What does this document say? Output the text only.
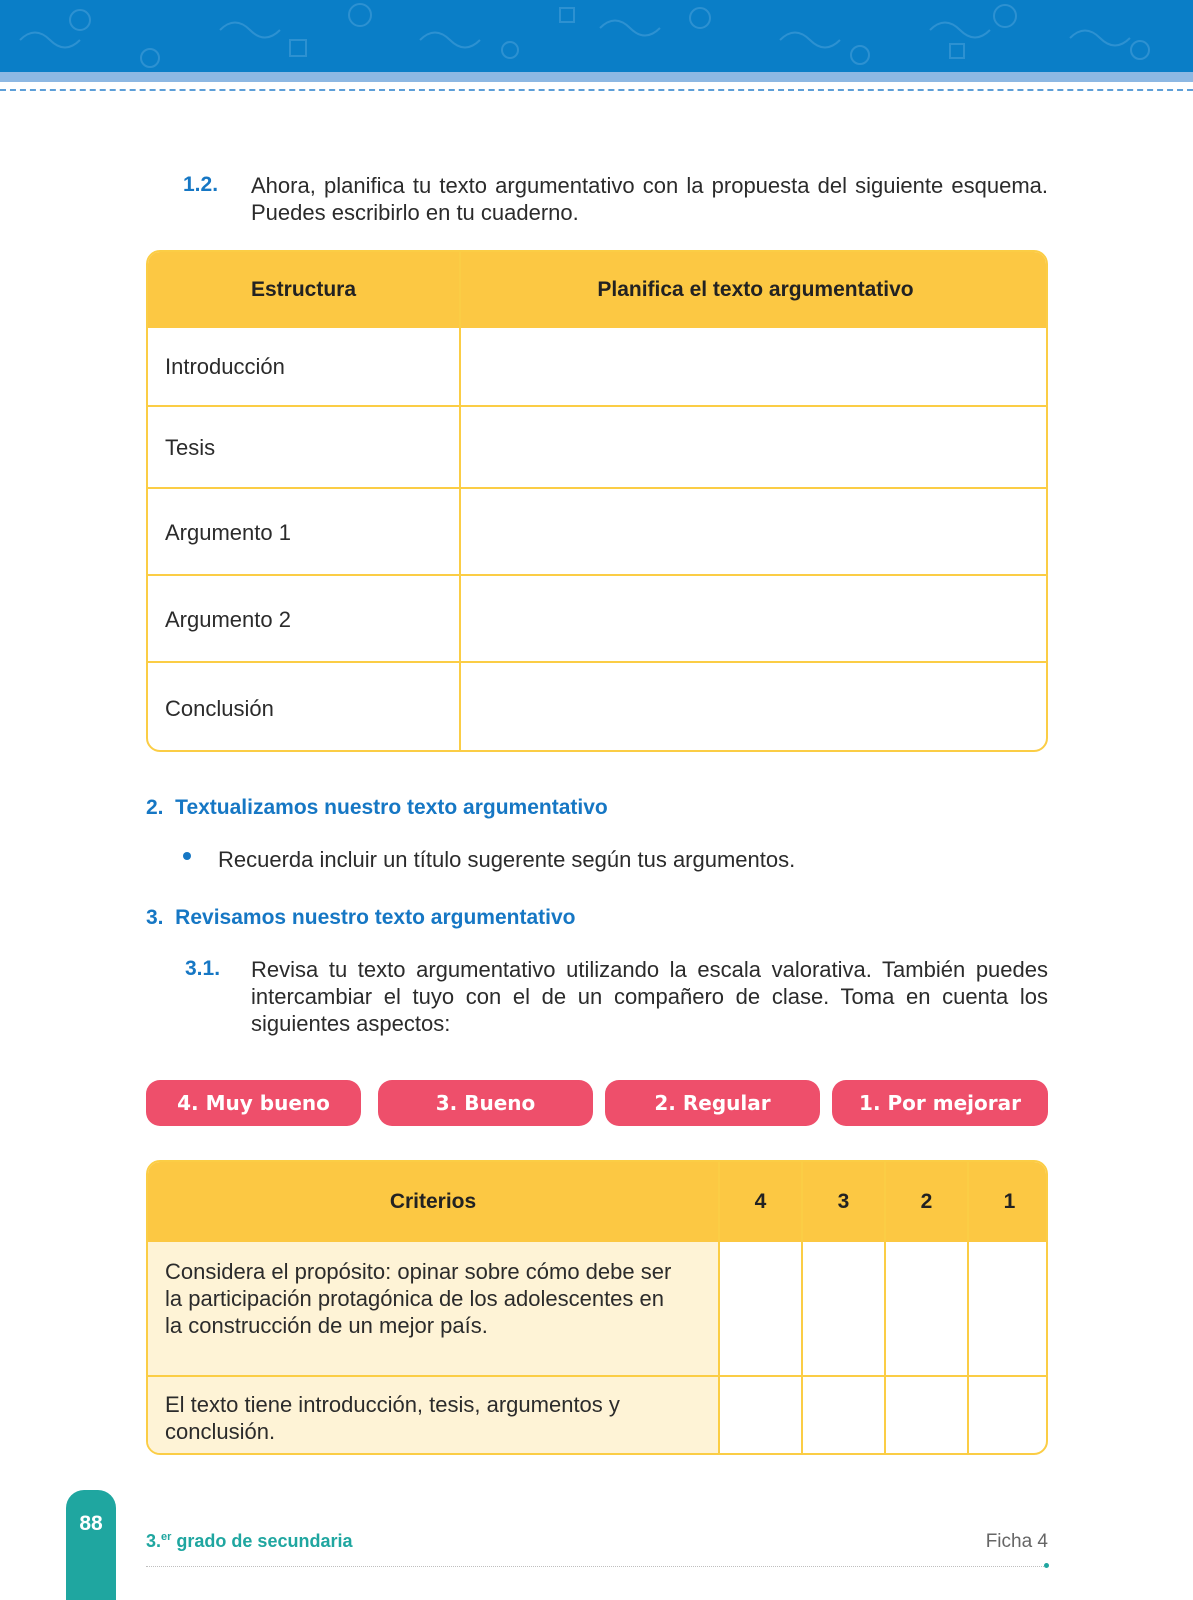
1.2. Ahora, planifica tu texto argumentativo con la propuesta del siguiente esquema. Puedes escribirlo en tu cuaderno.
Estructura	Planifica el texto argumentativo
Introducción
Tesis
Argumento 1
Argumento 2
Conclusión
2.  Textualizamos nuestro texto argumentativo
Recuerda incluir un título sugerente según tus argumentos.
3.  Revisamos nuestro texto argumentativo
3.1. Revisa tu texto argumentativo utilizando la escala valorativa. También puedes intercambiar el tuyo con el de un compañero de clase. Toma en cuenta los siguientes aspectos:
4. Muy bueno	3. Bueno	2. Regular	1. Por mejorar
Criterios	4	3	2	1
Considera el propósito: opinar sobre cómo debe ser la participación protagónica de los adolescentes en la construcción de un mejor país.
El texto tiene introducción, tesis, argumentos y conclusión.
88
3.$^{er}$ grado de secundaria	Ficha 4
